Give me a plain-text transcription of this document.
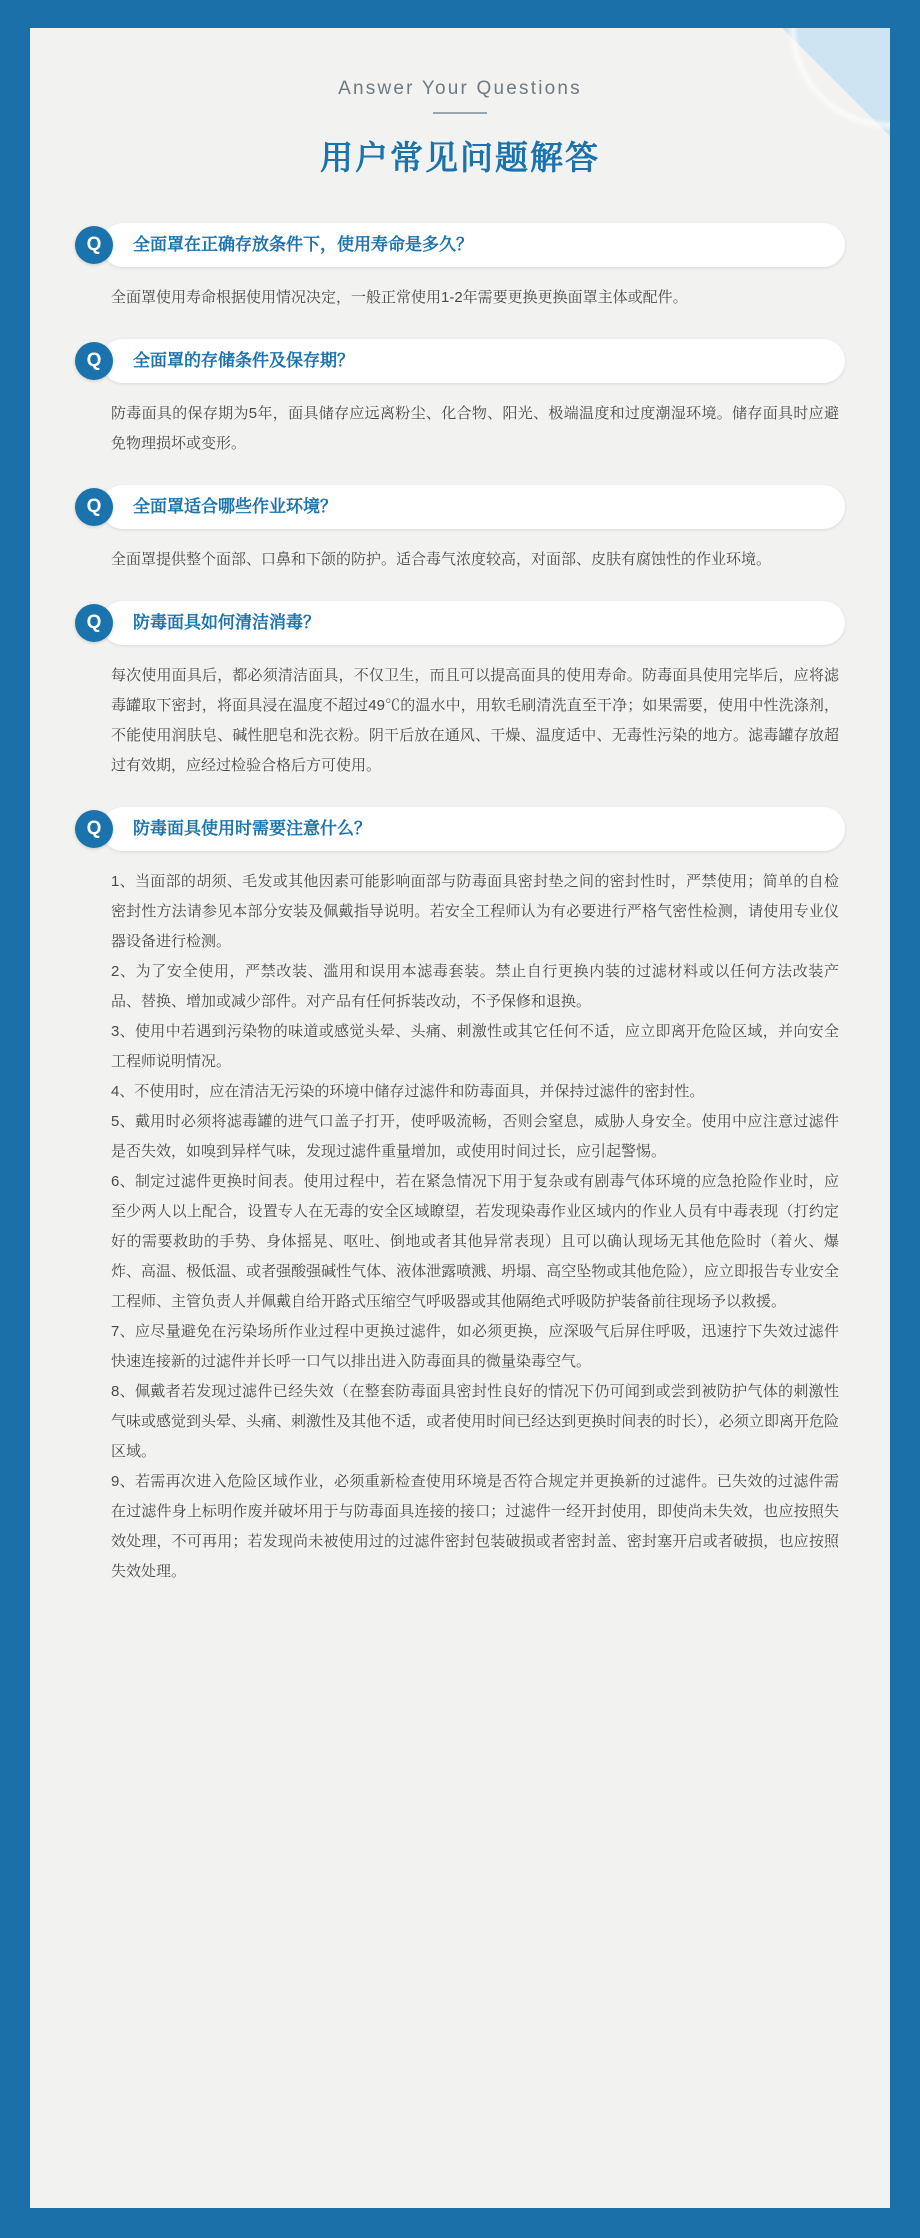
Answer Your Questions
用户常见问题解答
Q	全面罩在正确存放条件下，使用寿命是多久？

全面罩使用寿命根据使用情况决定，一般正常使用1-2年需要更换更换面罩主体或配件。

Q	全面罩的存储条件及保存期？

防毒面具的保存期为5年，面具储存应远离粉尘、化合物、阳光、极端温度和过度潮湿环境。储存面具时应避免物理损坏或变形。

Q	全面罩适合哪些作业环境？

全面罩提供整个面部、口鼻和下颌的防护。适合毒气浓度较高，对面部、皮肤有腐蚀性的作业环境。

Q	防毒面具如何清洁消毒？

每次使用面具后，都必须清洁面具，不仅卫生，而且可以提高面具的使用寿命。防毒面具使用完毕后，应将滤毒罐取下密封，将面具浸在温度不超过49℃的温水中，用软毛刷清洗直至干净；如果需要，使用中性洗涤剂，不能使用润肤皂、碱性肥皂和洗衣粉。阴干后放在通风、干燥、温度适中、无毒性污染的地方。滤毒罐存放超过有效期，应经过检验合格后方可使用。

Q	防毒面具使用时需要注意什么？

1、当面部的胡须、毛发或其他因素可能影响面部与防毒面具密封垫之间的密封性时，严禁使用；简单的自检密封性方法请参见本部分安装及佩戴指导说明。若安全工程师认为有必要进行严格气密性检测，请使用专业仪器设备进行检测。

2、为了安全使用，严禁改装、滥用和误用本滤毒套装。禁止自行更换内装的过滤材料或以任何方法改装产品、替换、增加或减少部件。对产品有任何拆装改动，不予保修和退换。

3、使用中若遇到污染物的味道或感觉头晕、头痛、刺激性或其它任何不适，应立即离开危险区域，并向安全工程师说明情况。

4、不使用时，应在清洁无污染的环境中储存过滤件和防毒面具，并保持过滤件的密封性。

5、戴用时必须将滤毒罐的进气口盖子打开，使呼吸流畅，否则会窒息，威胁人身安全。使用中应注意过滤件是否失效，如嗅到异样气味，发现过滤件重量增加，或使用时间过长，应引起警惕。

6、制定过滤件更换时间表。使用过程中，若在紧急情况下用于复杂或有剧毒气体环境的应急抢险作业时，应至少两人以上配合，设置专人在无毒的安全区域瞭望，若发现染毒作业区域内的作业人员有中毒表现（打约定好的需要救助的手势、身体摇晃、呕吐、倒地或者其他异常表现）且可以确认现场无其他危险时（着火、爆炸、高温、极低温、或者强酸强碱性气体、液体泄露喷溅、坍塌、高空坠物或其他危险），应立即报告专业安全工程师、主管负责人并佩戴自给开路式压缩空气呼吸器或其他隔绝式呼吸防护装备前往现场予以救援。

7、应尽量避免在污染场所作业过程中更换过滤件，如必须更换，应深吸气后屏住呼吸，迅速拧下失效过滤件快速连接新的过滤件并长呼一口气以排出进入防毒面具的微量染毒空气。

8、佩戴者若发现过滤件已经失效（在整套防毒面具密封性良好的情况下仍可闻到或尝到被防护气体的刺激性气味或感觉到头晕、头痛、刺激性及其他不适，或者使用时间已经达到更换时间表的时长），必须立即离开危险区域。

9、若需再次进入危险区域作业，必须重新检查使用环境是否符合规定并更换新的过滤件。已失效的过滤件需在过滤件身上标明作废并破坏用于与防毒面具连接的接口；过滤件一经开封使用，即使尚未失效，也应按照失效处理，不可再用；若发现尚未被使用过的过滤件密封包装破损或者密封盖、密封塞开启或者破损，也应按照失效处理。
